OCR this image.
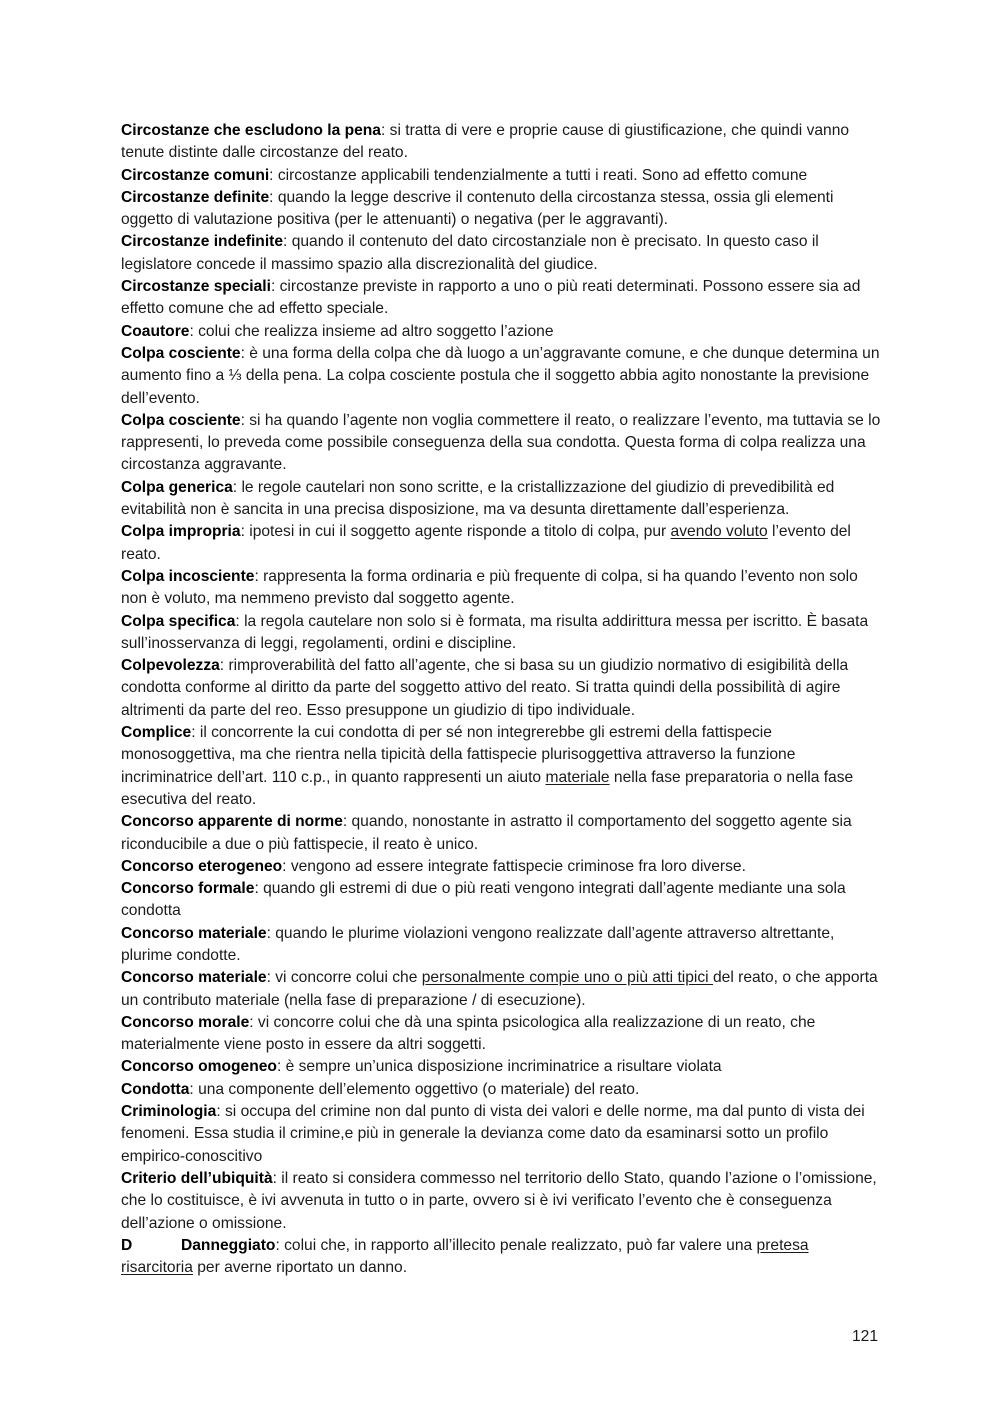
Circostanze che escludono la pena: si tratta di vere e proprie cause di giustificazione, che quindi vanno tenute distinte dalle circostanze del reato.

Circostanze comuni: circostanze applicabili tendenzialmente a tutti i reati. Sono ad effetto comune

Circostanze definite: quando la legge descrive il contenuto della circostanza stessa, ossia gli elementi oggetto di valutazione positiva (per le attenuanti) o negativa (per le aggravanti).

Circostanze indefinite: quando il contenuto del dato circostanziale non è precisato. In questo caso il legislatore concede il massimo spazio alla discrezionalità del giudice.

Circostanze speciali: circostanze previste in rapporto a uno o più reati determinati. Possono essere sia ad effetto comune che ad effetto speciale.

Coautore: colui che realizza insieme ad altro soggetto l’azione

Colpa cosciente: è una forma della colpa che dà luogo a un’aggravante comune, e che dunque determina un aumento fino a ⅓ della pena. La colpa cosciente postula che il soggetto abbia agito nonostante la previsione dell’evento.

Colpa cosciente: si ha quando l’agente non voglia commettere il reato, o realizzare l’evento, ma tuttavia se lo rappresenti, lo preveda come possibile conseguenza della sua condotta. Questa forma di colpa realizza una circostanza aggravante.

Colpa generica: le regole cautelari non sono scritte, e la cristallizzazione del giudizio di prevedibilità ed evitabilità non è sancita in una precisa disposizione, ma va desunta direttamente dall’esperienza.

Colpa impropria: ipotesi in cui il soggetto agente risponde a titolo di colpa, pur avendo voluto l’evento del reato.

Colpa incosciente: rappresenta la forma ordinaria e più frequente di colpa, si ha quando l’evento non solo non è voluto, ma nemmeno previsto dal soggetto agente.

Colpa specifica: la regola cautelare non solo si è formata, ma risulta addirittura messa per iscritto. È basata sull’inosservanza di leggi, regolamenti, ordini e discipline.

Colpevolezza: rimproverabilità del fatto all’agente, che si basa su un giudizio normativo di esigibilità della condotta conforme al diritto da parte del soggetto attivo del reato. Si tratta quindi della possibilità di agire altrimenti da parte del reo. Esso presuppone un giudizio di tipo individuale.

Complice: il concorrente la cui condotta di per sé non integrerebbe gli estremi della fattispecie monosoggettiva, ma che rientra nella tipicità della fattispecie plurisoggettiva attraverso la funzione incriminatrice dell’art. 110 c.p., in quanto rappresenti un aiuto materiale nella fase preparatoria o nella fase esecutiva del reato.

Concorso apparente di norme: quando, nonostante in astratto il comportamento del soggetto agente sia riconducibile a due o più fattispecie, il reato è unico.

Concorso eterogeneo: vengono ad essere integrate fattispecie criminose fra loro diverse.

Concorso formale: quando gli estremi di due o più reati vengono integrati dall’agente mediante una sola condotta

Concorso materiale: quando le plurime violazioni vengono realizzate dall’agente attraverso altrettante, plurime condotte.

Concorso materiale: vi concorre colui che personalmente compie uno o più atti tipici del reato, o che apporta un contributo materiale (nella fase di preparazione / di esecuzione).

Concorso morale: vi concorre colui che dà una spinta psicologica alla realizzazione di un reato, che materialmente viene posto in essere da altri soggetti.

Concorso omogeneo: è sempre un’unica disposizione incriminatrice a risultare violata

Condotta: una componente dell’elemento oggettivo (o materiale) del reato.

Criminologia: si occupa del crimine non dal punto di vista dei valori e delle norme, ma dal punto di vista dei fenomeni. Essa studia il crimine,e più in generale la devianza come dato da esaminarsi sotto un profilo empirico-conoscitivo

Criterio dell’ubiquità: il reato si considera commesso nel territorio dello Stato, quando l’azione o l’omissione, che lo costituisce, è ivi avvenuta in tutto o in parte, ovvero si è ivi verificato l’evento che è conseguenza dell’azione o omissione.

D	Danneggiato: colui che, in rapporto all’illecito penale realizzato, può far valere una pretesa risarcitoria per averne riportato un danno.

121
